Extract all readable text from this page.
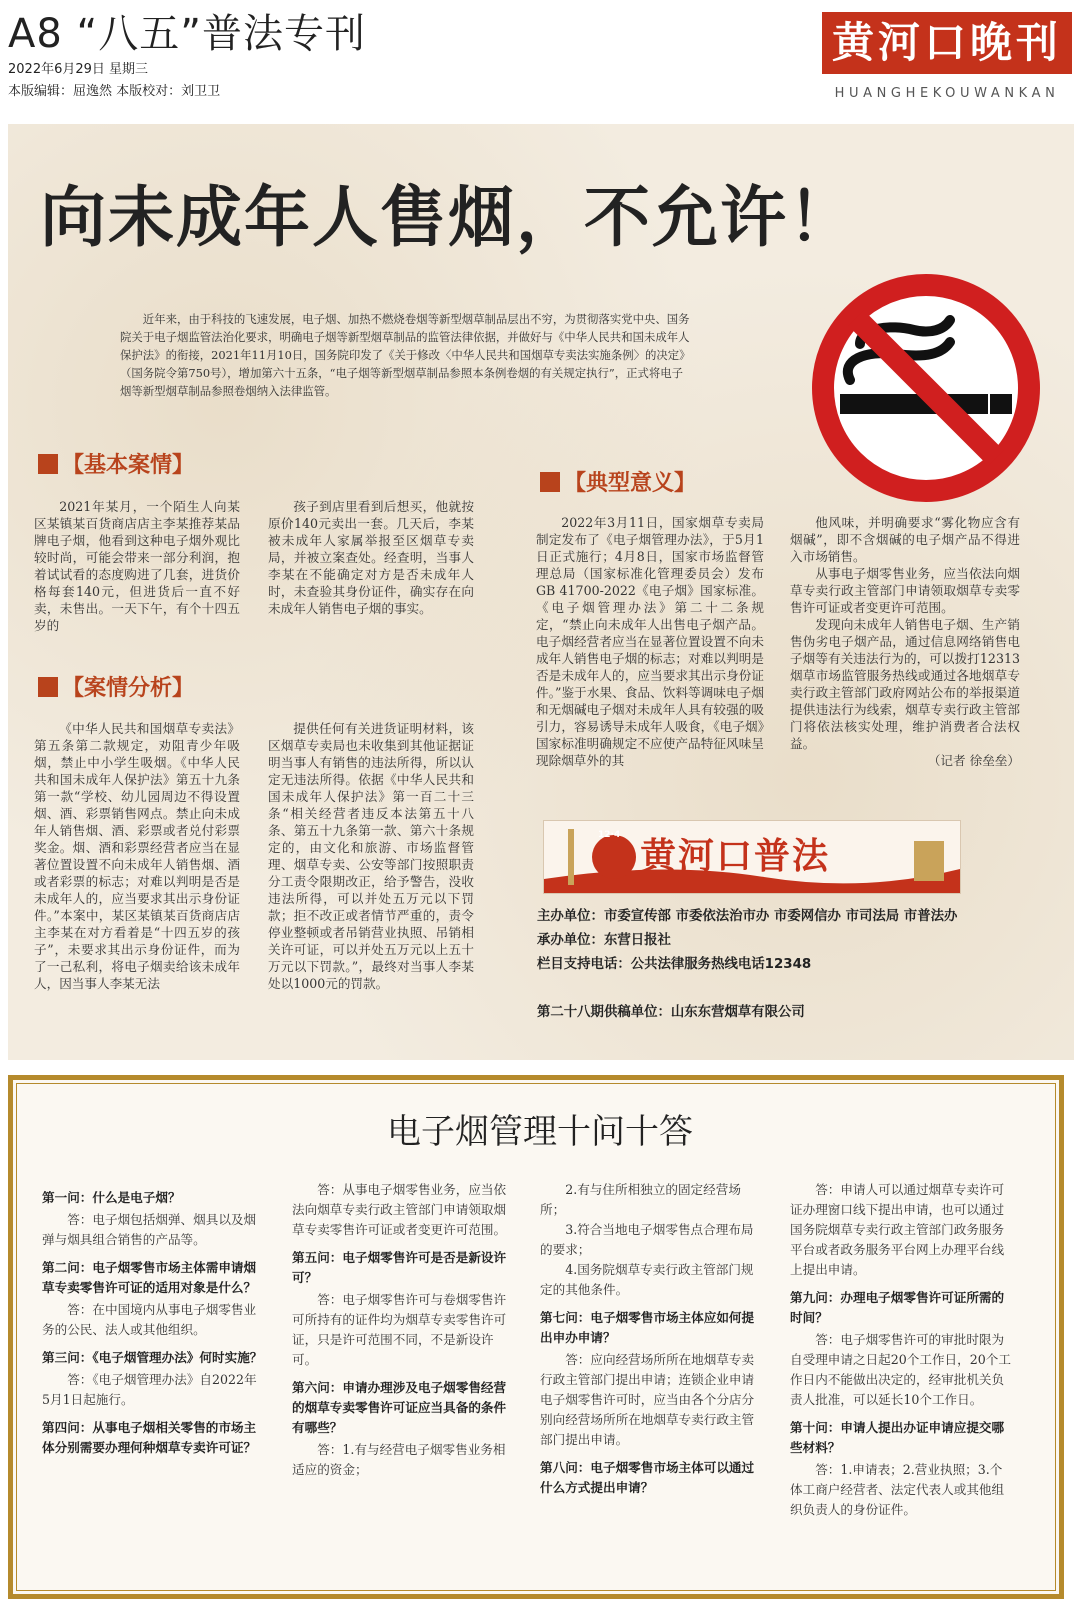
A8 “八五”普法专刊
2022年6月29日 星期三
本版编辑：屈逸然 本版校对：刘卫卫
黄河口晚刊
HUANGHEKOUWANKAN
向未成年人售烟，不允许！
近年来，由于科技的飞速发展，电子烟、加热不燃烧卷烟等新型烟草制品层出不穷，为贯彻落实党中央、国务院关于电子烟监管法治化要求，明确电子烟等新型烟草制品的监管法律依据，并做好与《中华人民共和国未成年人保护法》的衔接，2021年11月10日，国务院印发了《关于修改〈中华人民共和国烟草专卖法实施条例〉的决定》（国务院令第750号），增加第六十五条，“电子烟等新型烟草制品参照本条例卷烟的有关规定执行”，正式将电子烟等新型烟草制品参照卷烟纳入法律监管。
【基本案情】
2021年某月，一个陌生人向某区某镇某百货商店店主李某推荐某品牌电子烟，他看到这种电子烟外观比较时尚，可能会带来一部分利润，抱着试试看的态度购进了几套，进货价格每套140元，但进货后一直不好卖，未售出。一天下午，有个十四五岁的
孩子到店里看到后想买，他就按原价140元卖出一套。几天后，李某被未成年人家属举报至区烟草专卖局，并被立案查处。经查明，当事人李某在不能确定对方是否未成年人时，未查验其身份证件，确实存在向未成年人销售电子烟的事实。
【案情分析】
《中华人民共和国烟草专卖法》第五条第二款规定，劝阻青少年吸烟，禁止中小学生吸烟。《中华人民共和国未成年人保护法》第五十九条第一款“学校、幼儿园周边不得设置烟、酒、彩票销售网点。禁止向未成年人销售烟、酒、彩票或者兑付彩票奖金。烟、酒和彩票经营者应当在显著位置设置不向未成年人销售烟、酒或者彩票的标志；对难以判明是否是未成年人的，应当要求其出示身份证件。”本案中，某区某镇某百货商店店主李某在对方看着是“十四五岁的孩子”，未要求其出示身份证件，而为了一己私利，将电子烟卖给该未成年人，因当事人李某无法
提供任何有关进货证明材料，该区烟草专卖局也未收集到其他证据证明当事人有销售的违法所得，所以认定无违法所得。依据《中华人民共和国未成年人保护法》第一百二十三条“相关经营者违反本法第五十八条、第五十九条第一款、第六十条规定的，由文化和旅游、市场监督管理、烟草专卖、公安等部门按照职责分工责令限期改正，给予警告，没收违法所得，可以并处五万元以下罚款；拒不改正或者情节严重的，责令停业整顿或者吊销营业执照、吊销相关许可证，可以并处五万元以上五十万元以下罚款。”，最终对当事人李某处以1000元的罚款。
【典型意义】
2022年3月11日，国家烟草专卖局制定发布了《电子烟管理办法》，于5月1日正式施行；4月8日，国家市场监督管理总局（国家标准化管理委员会）发布GB 41700-2022《电子烟》国家标准。《电子烟管理办法》第二十二条规定，“禁止向未成年人出售电子烟产品。电子烟经营者应当在显著位置设置不向未成年人销售电子烟的标志；对难以判明是否是未成年人的，应当要求其出示身份证件。”鉴于水果、食品、饮料等调味电子烟和无烟碱电子烟对未成年人具有较强的吸引力，容易诱导未成年人吸食，《电子烟》国家标准明确规定不应使产品特征风味呈现除烟草外的其

他风味，并明确要求“雾化物应含有烟碱”，即不含烟碱的电子烟产品不得进入市场销售。

从事电子烟零售业务，应当依法向烟草专卖行政主管部门申请领取烟草专卖零售许可证或者变更许可范围。

发现向未成年人销售电子烟、生产销售伪劣电子烟产品，通过信息网络销售电子烟等有关违法行为的，可以拨打12313烟草市场监管服务热线或通过各地烟草专卖行政主管部门政府网站公布的举报渠道提供违法行为线索，烟草专卖行政主管部门将依法核实处理，维护消费者合法权益。

（记者 徐垒垒）

12·4 黄河口普法
主办单位：市委宣传部 市委依法治市办 市委网信办 市司法局 市普法办
承办单位：东营日报社
栏目支持电话：公共法律服务热线电话12348
第二十八期供稿单位：山东东营烟草有限公司
电子烟管理十问十答
第一问：什么是电子烟？
答：电子烟包括烟弹、烟具以及烟弹与烟具组合销售的产品等。
第二问：电子烟零售市场主体需申请烟草专卖零售许可证的适用对象是什么？
答：在中国境内从事电子烟零售业务的公民、法人或其他组织。
第三问：《电子烟管理办法》何时实施？
答：《电子烟管理办法》自2022年5月1日起施行。
第四问：从事电子烟相关零售的市场主体分别需要办理何种烟草专卖许可证？
答：从事电子烟零售业务，应当依法向烟草专卖行政主管部门申请领取烟草专卖零售许可证或者变更许可范围。
第五问：电子烟零售许可是否是新设许可？
答：电子烟零售许可与卷烟零售许可所持有的证件均为烟草专卖零售许可证，只是许可范围不同，不是新设许可。
第六问：申请办理涉及电子烟零售经营的烟草专卖零售许可证应当具备的条件有哪些？
答：1.有与经营电子烟零售业务相适应的资金；
2.有与住所相独立的固定经营场所；
3.符合当地电子烟零售点合理布局的要求；
4.国务院烟草专卖行政主管部门规定的其他条件。
第七问：电子烟零售市场主体应如何提出申办申请？
答：应向经营场所所在地烟草专卖行政主管部门提出申请；连锁企业申请电子烟零售许可时，应当由各个分店分别向经营场所所在地烟草专卖行政主管部门提出申请。
第八问：电子烟零售市场主体可以通过什么方式提出申请？
答：申请人可以通过烟草专卖许可证办理窗口线下提出申请，也可以通过国务院烟草专卖行政主管部门政务服务平台或者政务服务平台网上办理平台线上提出申请。
第九问：办理电子烟零售许可证所需的时间？
答：电子烟零售许可的审批时限为自受理申请之日起20个工作日，20个工作日内不能做出决定的，经审批机关负责人批准，可以延长10个工作日。
第十问：申请人提出办证申请应提交哪些材料？
答：1.申请表；2.营业执照；3.个体工商户经营者、法定代表人或其他组织负责人的身份证件。
